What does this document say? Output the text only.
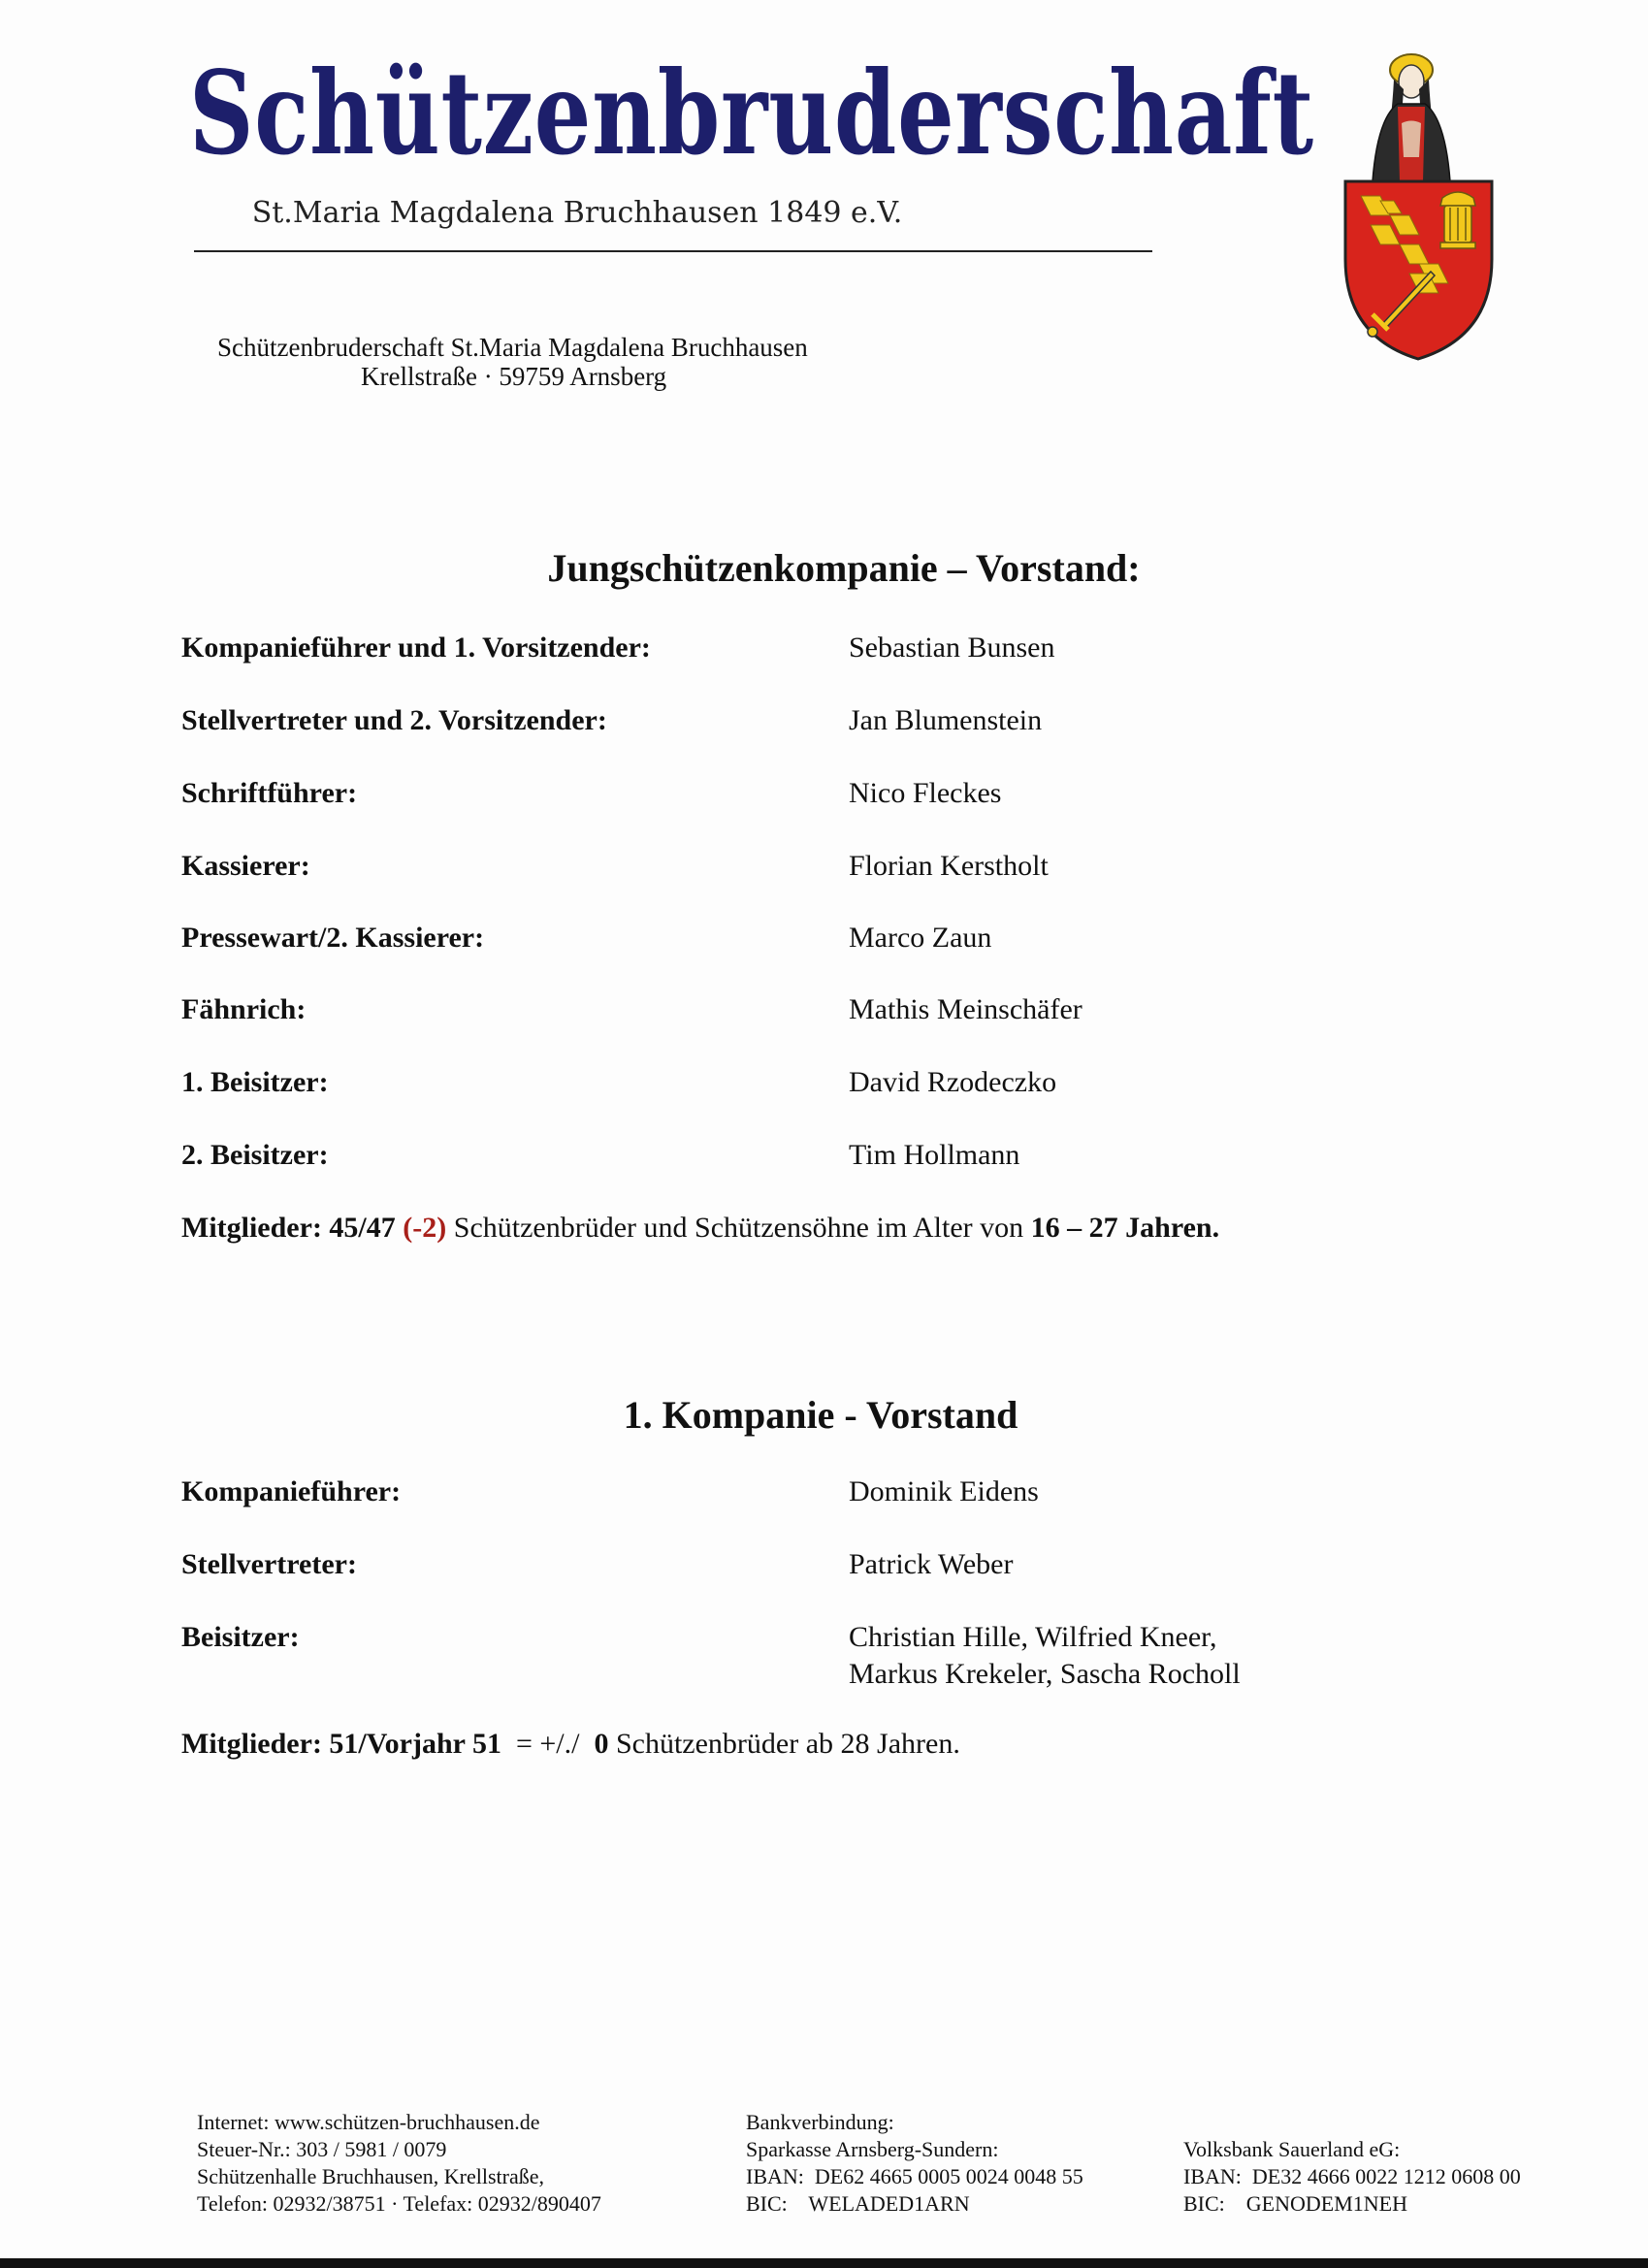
Schützenbruderschaft
St.Maria Magdalena Bruchhausen 1849 e.V.
Schützenbruderschaft St.Maria Magdalena Bruchhausen
Krellstraße · 59759 Arnsberg
Jungschützenkompanie – Vorstand:
Kompanieführer und 1. Vorsitzender:	Sebastian Bunsen
Stellvertreter und 2. Vorsitzender:	Jan Blumenstein
Schriftführer:	Nico Fleckes
Kassierer:	Florian Kerstholt
Pressewart/2. Kassierer:	Marco Zaun
Fähnrich:	Mathis Meinschäfer
1. Beisitzer:	David Rzodeczko
2. Beisitzer:	Tim Hollmann
Mitglieder: 45/47 (-2) Schützenbrüder und Schützensöhne im Alter von 16 – 27 Jahren.
1. Kompanie - Vorstand
Kompanieführer:	Dominik Eidens
Stellvertreter:	Patrick Weber
Beisitzer:	Christian Hille, Wilfried Kneer,
Markus Krekeler, Sascha Rocholl
Mitglieder: 51/Vorjahr 51  = +/./  0 Schützenbrüder ab 28 Jahren.
Internet: www.schützen-bruchhausen.de
Steuer-Nr.: 303 / 5981 / 0079
Schützenhalle Bruchhausen, Krellstraße,
Telefon: 02932/38751 · Telefax: 02932/890407
Bankverbindung:
Sparkasse Arnsberg-Sundern:
IBAN:  DE62 4665 0005 0024 0048 55
BIC:    WELADED1ARN
Volksbank Sauerland eG:
IBAN:  DE32 4666 0022 1212 0608 00
BIC:    GENODEM1NEH
